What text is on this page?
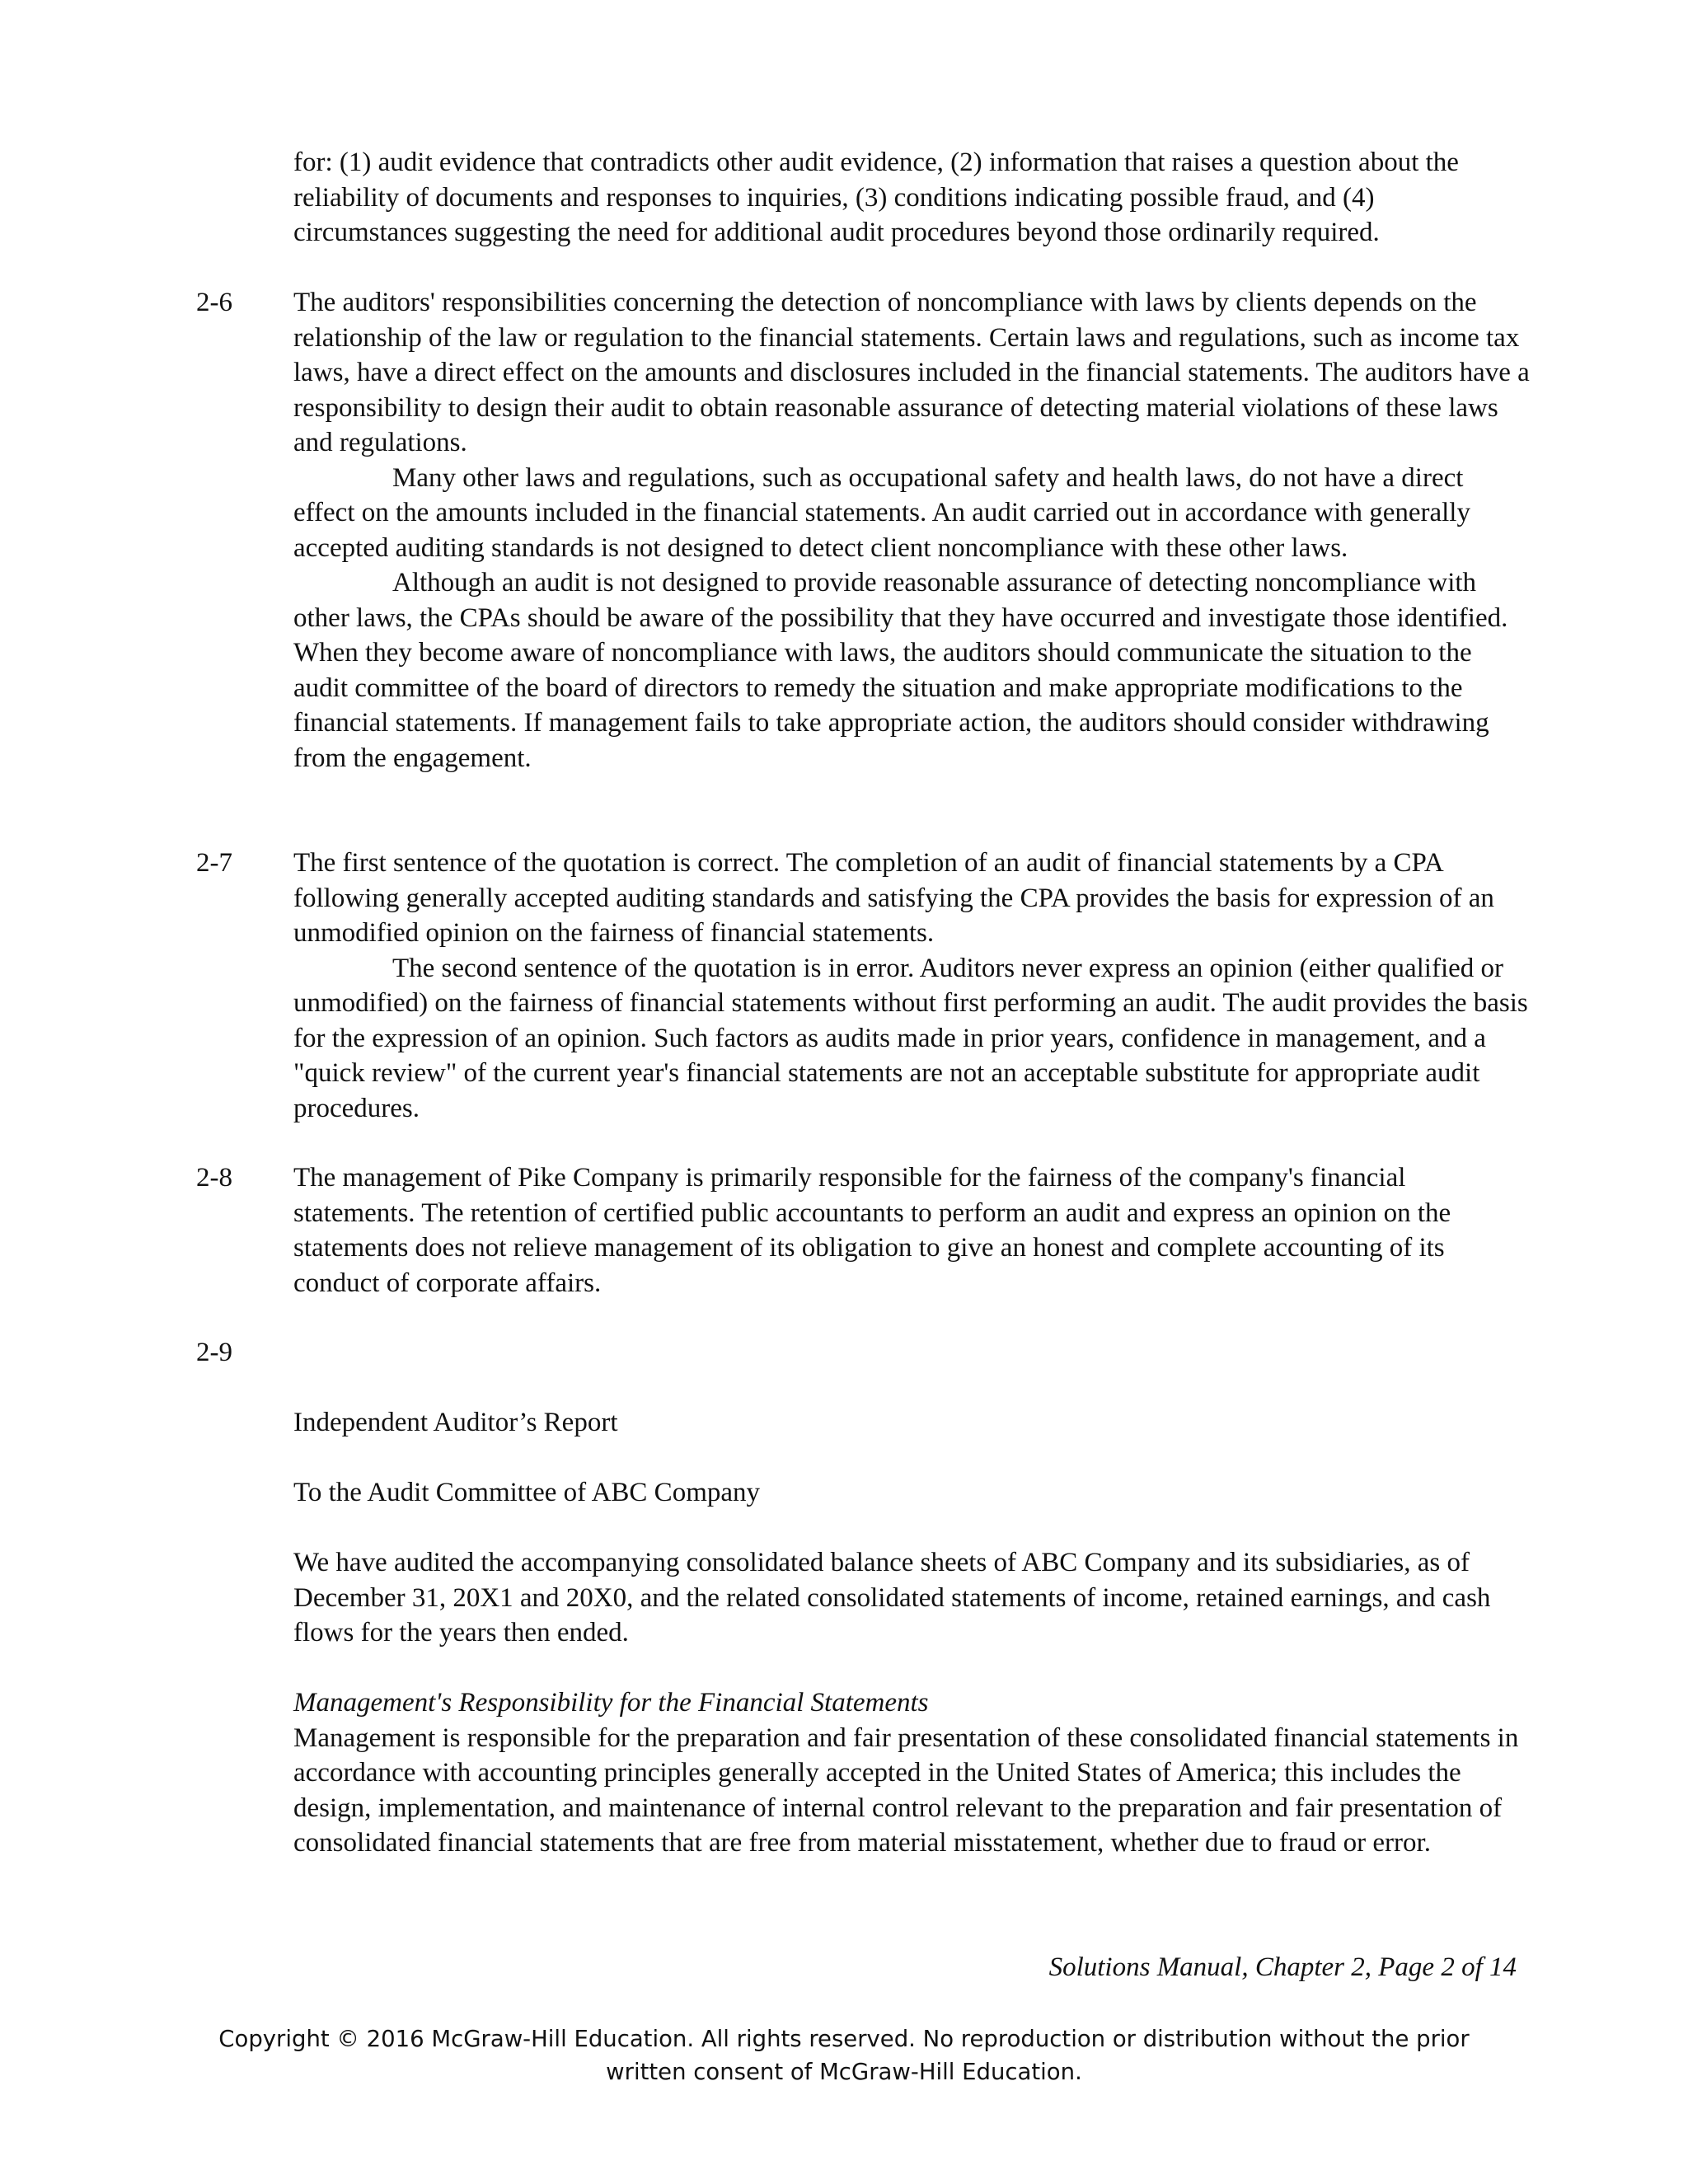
for: (1) audit evidence that contradicts other audit evidence, (2) information that raises a question about the reliability of documents and responses to inquiries, (3) conditions indicating possible fraud, and (4) circumstances suggesting the need for additional audit procedures beyond those ordinarily required.

2-6 The auditors' responsibilities concerning the detection of noncompliance with laws by clients depends on the relationship of the law or regulation to the financial statements. Certain laws and regulations, such as income tax laws, have a direct effect on the amounts and disclosures included in the financial statements. The auditors have a responsibility to design their audit to obtain reasonable assurance of detecting material violations of these laws and regulations.

Many other laws and regulations, such as occupational safety and health laws, do not have a direct effect on the amounts included in the financial statements. An audit carried out in accordance with generally accepted auditing standards is not designed to detect client noncompliance with these other laws.

Although an audit is not designed to provide reasonable assurance of detecting noncompliance with other laws, the CPAs should be aware of the possibility that they have occurred and investigate those identified. When they become aware of noncompliance with laws, the auditors should communicate the situation to the audit committee of the board of directors to remedy the situation and make appropriate modifications to the financial statements. If management fails to take appropriate action, the auditors should consider withdrawing from the engagement.

2-7 The first sentence of the quotation is correct. The completion of an audit of financial statements by a CPA following generally accepted auditing standards and satisfying the CPA provides the basis for expression of an unmodified opinion on the fairness of financial statements.

The second sentence of the quotation is in error. Auditors never express an opinion (either qualified or unmodified) on the fairness of financial statements without first performing an audit. The audit provides the basis for the expression of an opinion. Such factors as audits made in prior years, confidence in management, and a "quick review" of the current year's financial statements are not an acceptable substitute for appropriate audit procedures.

2-8 The management of Pike Company is primarily responsible for the fairness of the company's financial statements. The retention of certified public accountants to perform an audit and express an opinion on the statements does not relieve management of its obligation to give an honest and complete accounting of its conduct of corporate affairs.

2-9
Independent Auditor’s Report
To the Audit Committee of ABC Company

We have audited the accompanying consolidated balance sheets of ABC Company and its subsidiaries, as of December 31, 20X1 and 20X0, and the related consolidated statements of income, retained earnings, and cash flows for the years then ended.

Management's Responsibility for the Financial Statements

Management is responsible for the preparation and fair presentation of these consolidated financial statements in accordance with accounting principles generally accepted in the United States of America; this includes the design, implementation, and maintenance of internal control relevant to the preparation and fair presentation of consolidated financial statements that are free from material misstatement, whether due to fraud or error.

Solutions Manual, Chapter 2, Page 2 of 14
Copyright © 2016 McGraw-Hill Education. All rights reserved. No reproduction or distribution without the prior written consent of McGraw-Hill Education.
